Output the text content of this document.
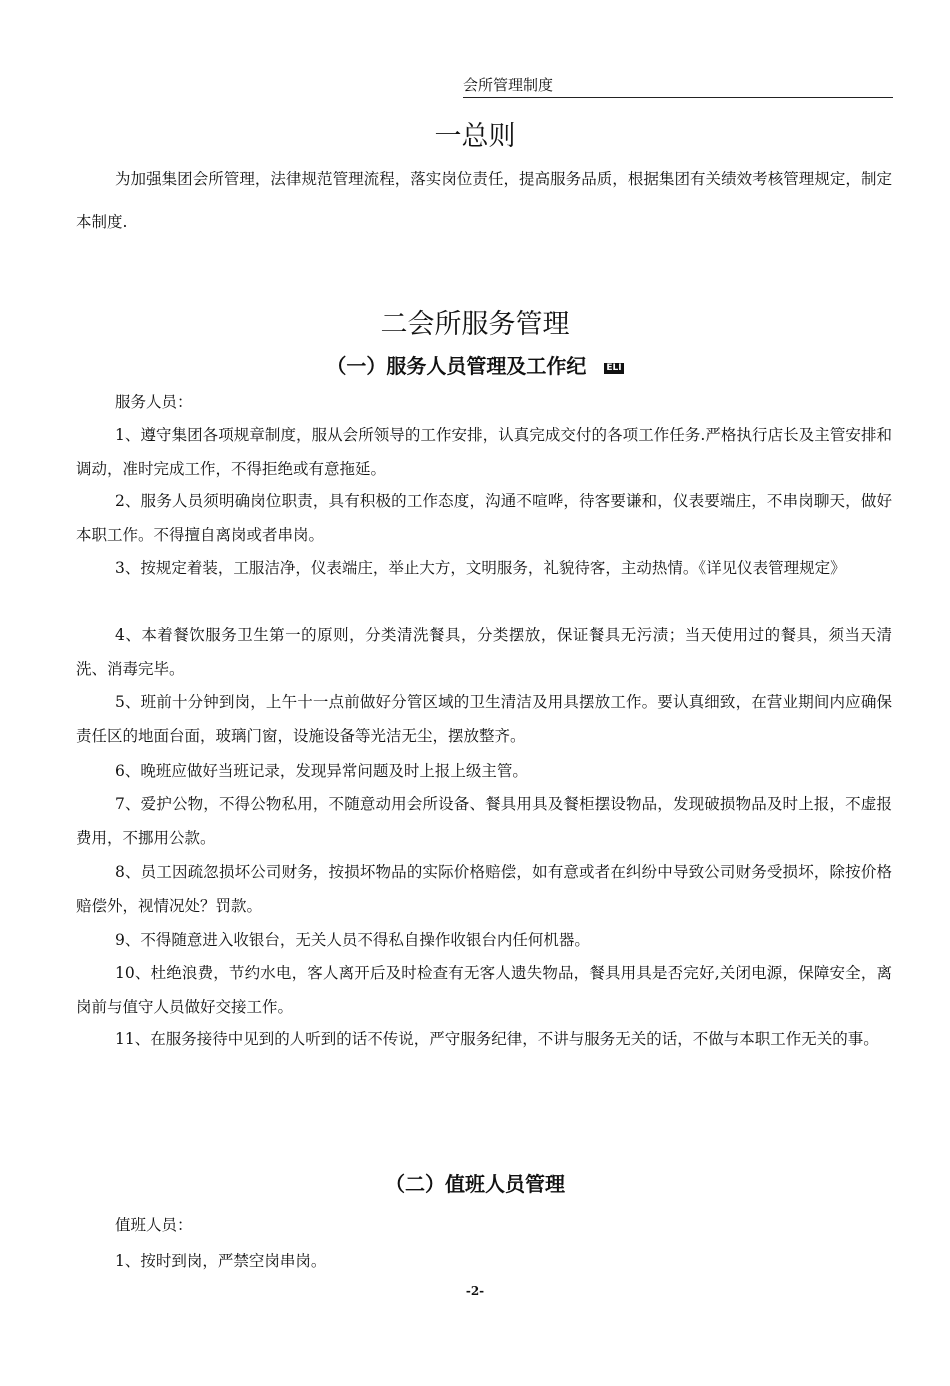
会所管理制度
一总则

为加强集团会所管理，法律规范管理流程，落实岗位责任，提高服务品质，根据集团有关绩效考核管理规定，制定本制度.

二会所服务管理
（一）服务人员管理及工作纪 ELI

服务人员：

1、遵守集团各项规章制度，服从会所领导的工作安排，认真完成交付的各项工作任务.严格执行店长及主管安排和调动，准时完成工作，不得拒绝或有意拖延。

2、服务人员须明确岗位职责，具有积极的工作态度，沟通不喧哗，待客要谦和，仪表要端庄，不串岗聊天，做好本职工作。不得擅自离岗或者串岗。

3、按规定着装，工服洁净，仪表端庄，举止大方，文明服务，礼貌待客，主动热情。《详见仪表管理规定》

4、本着餐饮服务卫生第一的原则，分类清洗餐具，分类摆放，保证餐具无污渍；当天使用过的餐具，须当天清洗、消毒完毕。

5、班前十分钟到岗，上午十一点前做好分管区域的卫生清洁及用具摆放工作。要认真细致，在营业期间内应确保责任区的地面台面，玻璃门窗，设施设备等光洁无尘，摆放整齐。

6、晚班应做好当班记录，发现异常问题及时上报上级主管。

7、爱护公物，不得公物私用，不随意动用会所设备、餐具用具及餐柜摆设物品，发现破损物品及时上报，不虚报费用，不挪用公款。

8、员工因疏忽损坏公司财务，按损坏物品的实际价格赔偿，如有意或者在纠纷中导致公司财务受损坏，除按价格赔偿外，视情况处？罚款。

9、不得随意进入收银台，无关人员不得私自操作收银台内任何机器。

10、杜绝浪费，节约水电，客人离开后及时检查有无客人遗失物品，餐具用具是否完好,关闭电源，保障安全，离岗前与值守人员做好交接工作。

11、在服务接待中见到的人听到的话不传说，严守服务纪律，不讲与服务无关的话，不做与本职工作无关的事。

（二）值班人员管理

值班人员：

1、按时到岗，严禁空岗串岗。

-2-
